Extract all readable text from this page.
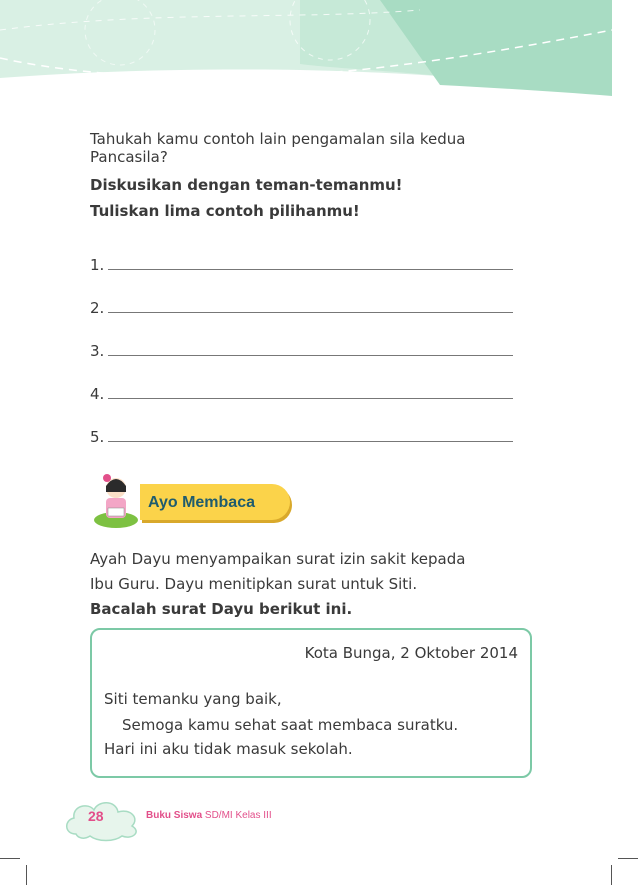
Tahukah kamu contoh lain pengamalan sila kedua Pancasila?
Diskusikan dengan teman-temanmu!
Tuliskan lima contoh pilihanmu!
1.
2.
3.
4.
5.
Ayo Membaca
Ayah Dayu menyampaikan surat izin sakit kepada
Ibu Guru. Dayu menitipkan surat untuk Siti.
Bacalah surat Dayu berikut ini.
Kota Bunga, 2 Oktober 2014
Siti temanku yang baik,
Semoga kamu sehat saat membaca suratku.
Hari ini aku tidak masuk sekolah.
28	Buku Siswa SD/MI Kelas III
